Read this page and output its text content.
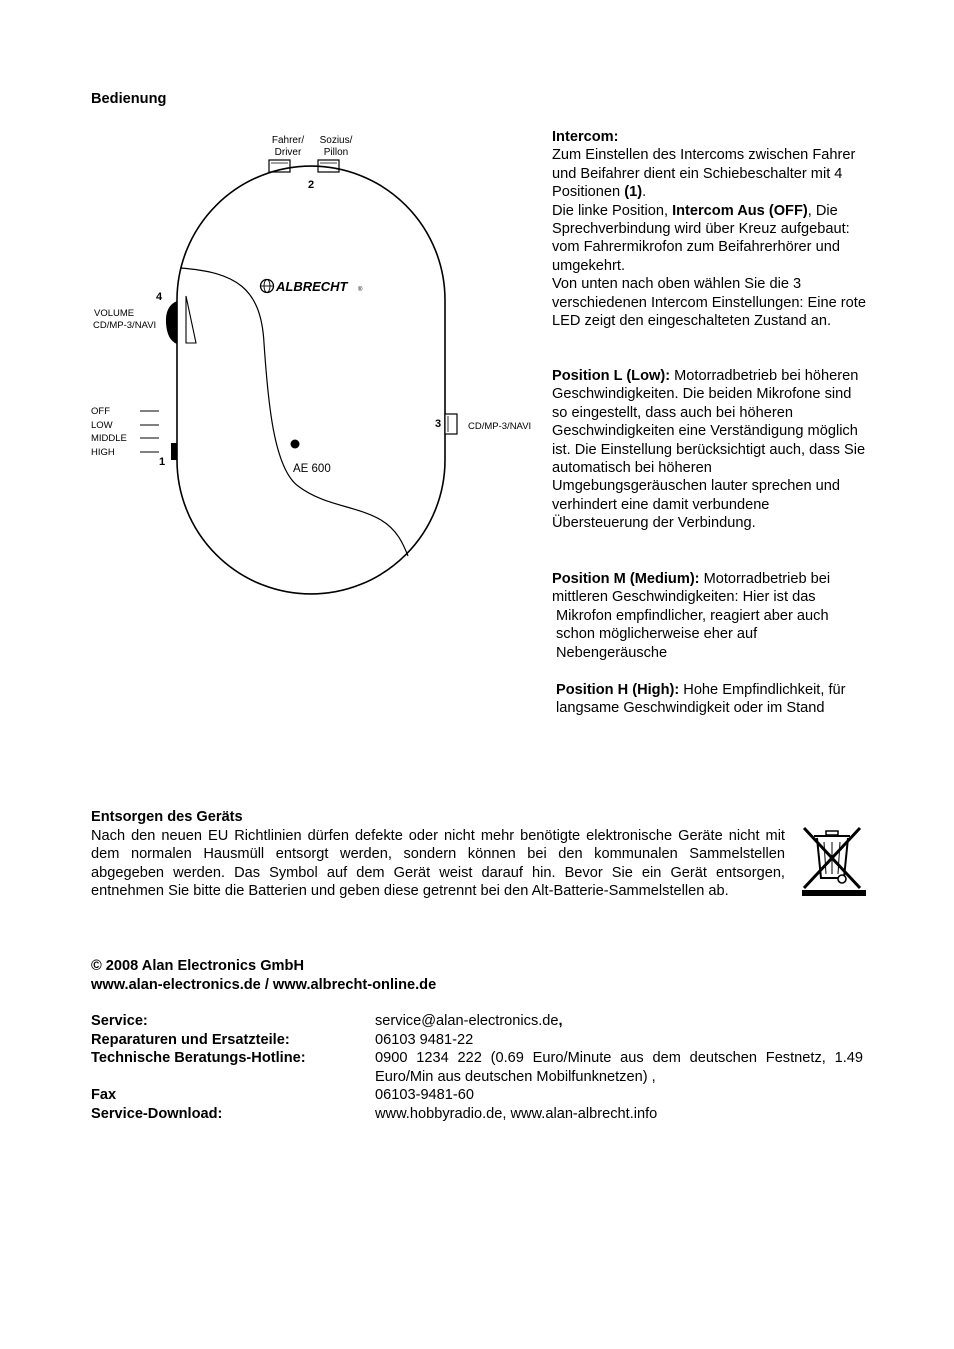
Bedienung
Fahrer/
Driver
Sozius/
Pillon
2
ALBRECHT ®
AE 600
4
VOLUME
CD/MP-3/NAVI
OFF
LOW
MIDDLE
HIGH
1
3	CD/MP-3/NAVI

Intercom:

Zum Einstellen des Intercoms zwischen Fahrer und Beifahrer dient ein Schiebeschalter mit 4 Positionen (1).

Die linke Position, Intercom Aus (OFF), Die Sprechverbindung wird über Kreuz aufgebaut: vom Fahrermikrofon zum Beifahrerhörer und umgekehrt.

Von unten nach oben wählen Sie die 3 verschiedenen Intercom Einstellungen: Eine rote LED zeigt den eingeschalteten Zustand an.

Position L (Low): Motorradbetrieb bei höheren Geschwindigkeiten. Die beiden Mikrofone sind so eingestellt, dass auch bei höheren Geschwindigkeiten eine Verständigung möglich ist. Die Einstellung berücksichtigt auch, dass Sie automatisch bei höheren Umgebungsgeräuschen lauter sprechen und verhindert eine damit verbundene Übersteuerung der Verbindung.

Position M (Medium): Motorradbetrieb bei mittleren Geschwindigkeiten: Hier ist das

Mikrofon empfindlicher, reagiert aber auch schon möglicherweise eher auf Nebengeräusche

Position H (High): Hohe Empfindlichkeit, für langsame Geschwindigkeit oder im Stand

Entsorgen des Geräts
Nach den neuen EU Richtlinien dürfen defekte oder nicht mehr benötigte elektronische Geräte nicht mit dem normalen Hausmüll entsorgt werden, sondern können bei den kommunalen Sammelstellen abgegeben werden. Das Symbol auf dem Gerät weist darauf hin. Bevor Sie ein Gerät entsorgen, entnehmen Sie bitte die Batterien und geben diese getrennt bei den Alt-Batterie-Sammelstellen ab.
© 2008 Alan Electronics GmbH
www.alan-electronics.de / www.albrecht-online.de
Service:	service@alan-electronics.de,
Reparaturen und Ersatzteile:	06103 9481-22
Technische Beratungs-Hotline:	0900 1234 222 (0.69 Euro/Minute aus dem deutschen Festnetz, 1.49 Euro/Min aus deutschen Mobilfunknetzen) ,
Fax	06103-9481-60
Service-Download:	www.hobbyradio.de, www.alan-albrecht.info
